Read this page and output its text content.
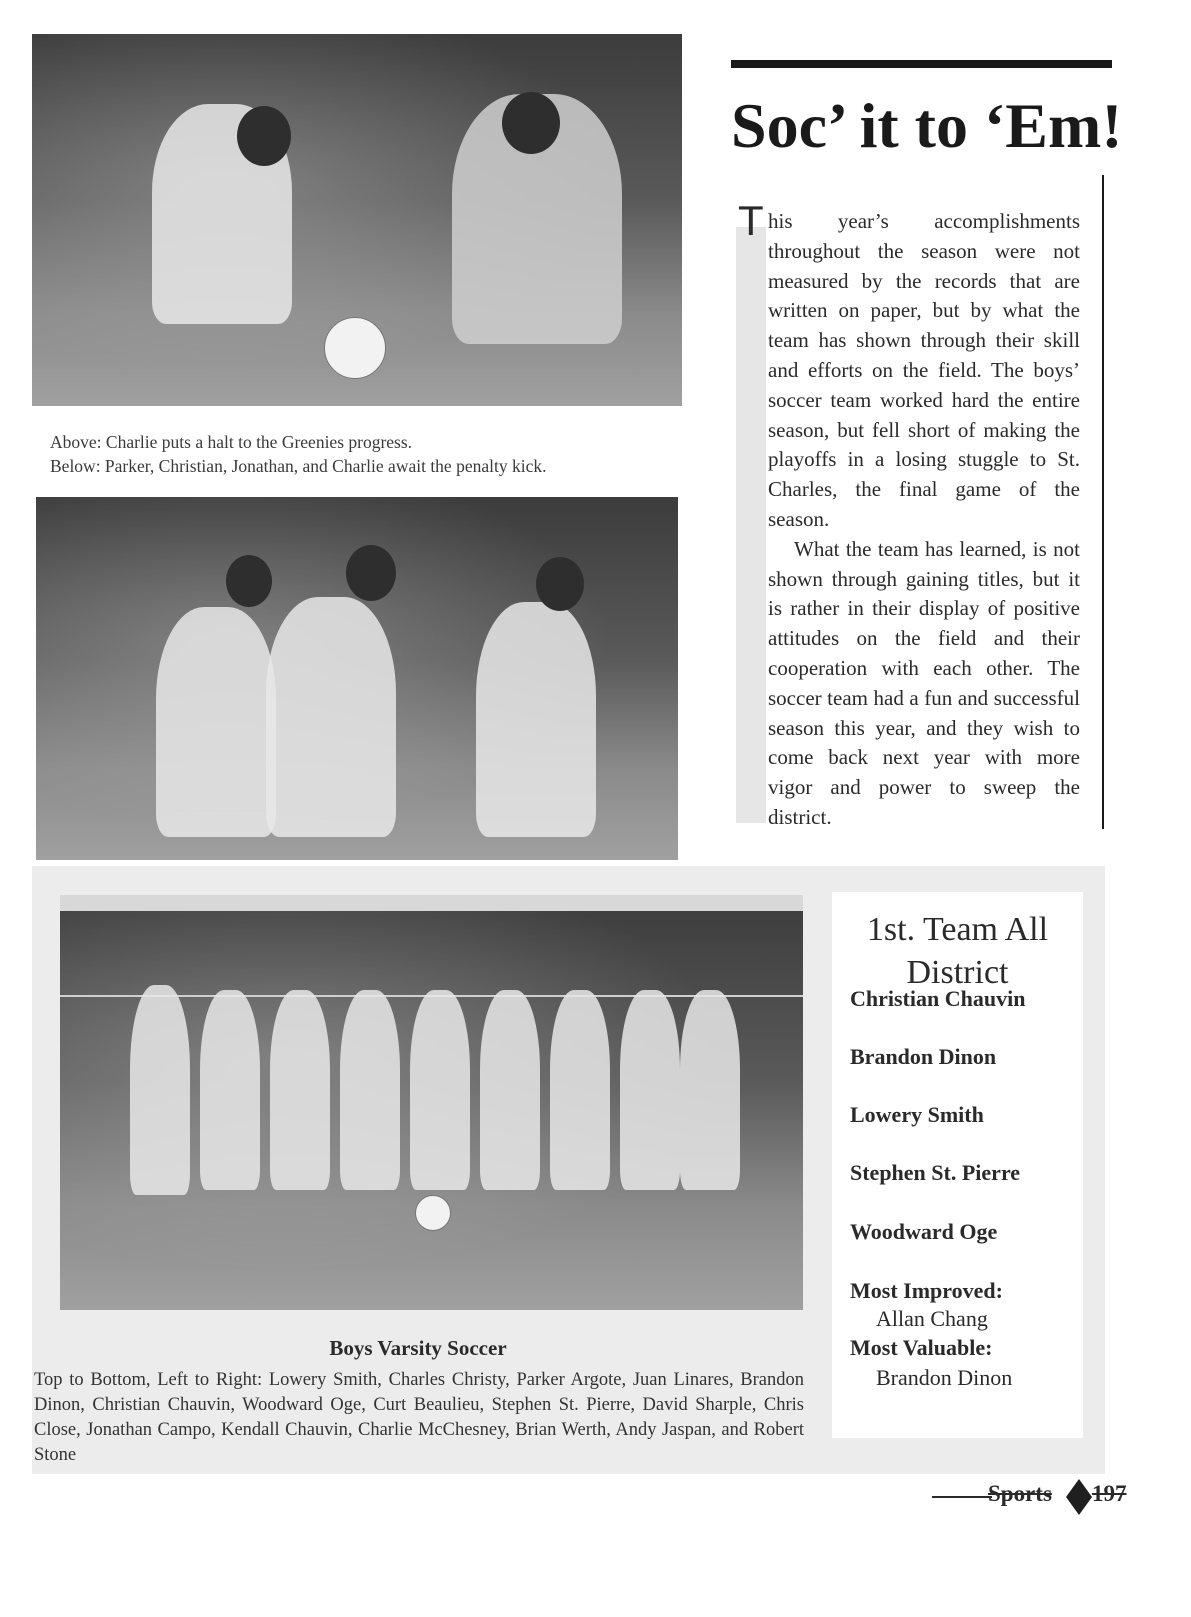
Above: Charlie puts a halt to the Greenies progress.
Below: Parker, Christian, Jonathan, and Charlie await the penalty kick.
Soc’ it to ‘Em!
T his year’s accomplishments throughout the season were not measured by the records that are written on paper, but by what the team has shown through their skill and efforts on the field. The boys’ soccer team worked hard the entire season, but fell short of making the playoffs in a losing stuggle to St. Charles, the final game of the season.

What the team has learned, is not shown through gaining titles, but it is rather in their display of positive attitudes on the field and their cooperation with each other. The soccer team had a fun and successful season this year, and they wish to come back next year with more vigor and power to sweep the district.

Boys Varsity Soccer
Top to Bottom, Left to Right: Lowery Smith, Charles Christy, Parker Argote, Juan Linares, Brandon Dinon, Christian Chauvin, Woodward Oge, Curt Beaulieu, Stephen St. Pierre, David Sharple, Chris Close, Jonathan Campo, Kendall Chauvin, Charlie McChesney, Brian Werth, Andy Jaspan, and Robert Stone
1st. Team All District
Christian Chauvin
Brandon Dinon
Lowery Smith
Stephen St. Pierre
Woodward Oge
Most Improved:
Allan Chang
Most Valuable:
Brandon Dinon
Sports 197
